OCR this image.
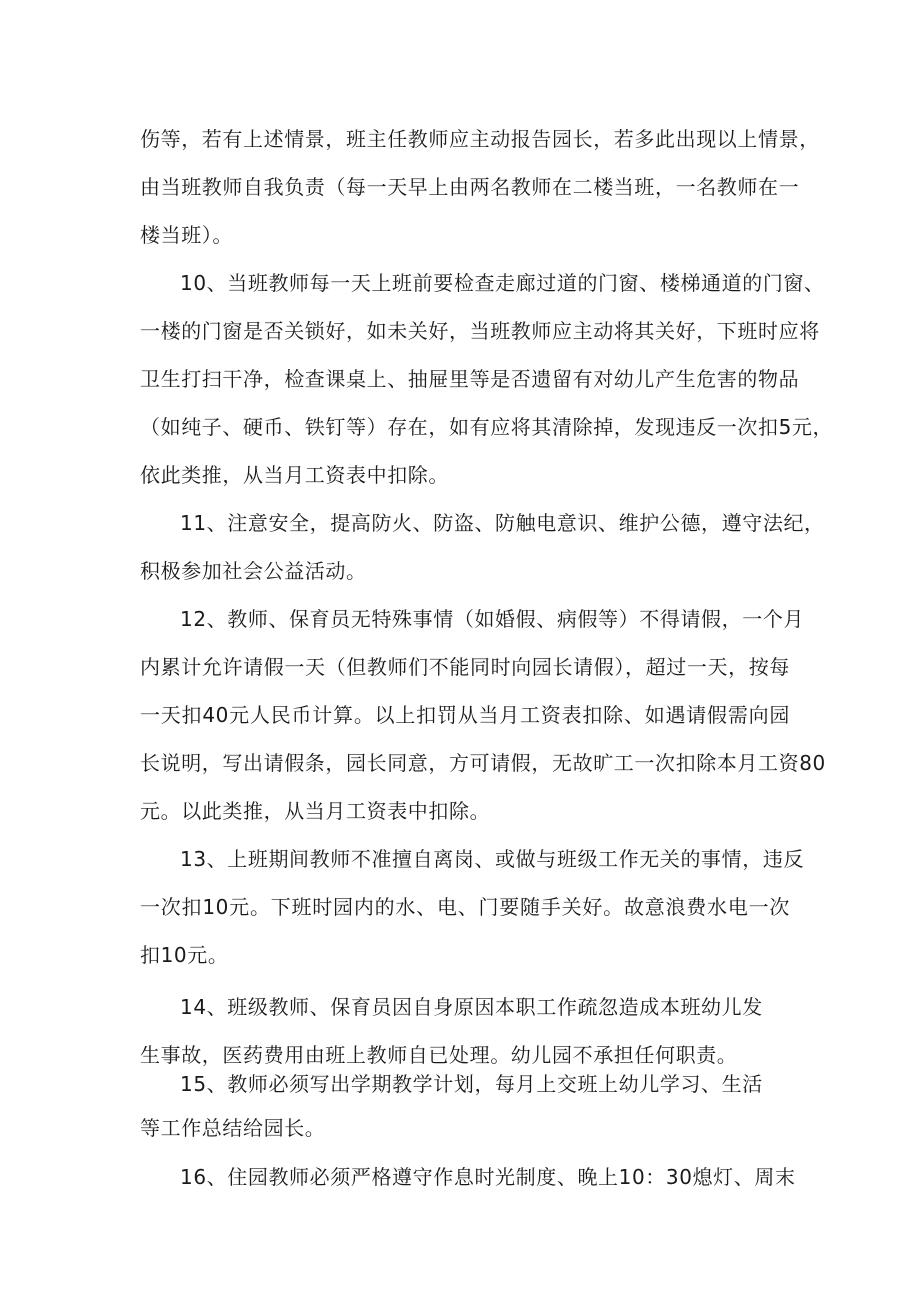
伤等，若有上述情景，班主任教师应主动报告园长，若多此出现以上情景，
由当班教师自我负责（每一天早上由两名教师在二楼当班，一名教师在一
楼当班）。
10、当班教师每一天上班前要检查走廊过道的门窗、楼梯通道的门窗、
一楼的门窗是否关锁好，如未关好，当班教师应主动将其关好，下班时应将
卫生打扫干净，检查课桌上、抽屉里等是否遗留有对幼儿产生危害的物品
（如纯子、硬币、铁钉等）存在，如有应将其清除掉，发现违反一次扣5元，
依此类推，从当月工资表中扣除。
11、注意安全，提高防火、防盗、防触电意识、维护公德，遵守法纪，
积极参加社会公益活动。
12、教师、保育员无特殊事情（如婚假、病假等）不得请假，一个月
内累计允许请假一天（但教师们不能同时向园长请假），超过一天，按每
一天扣40元人民币计算。以上扣罚从当月工资表扣除、如遇请假需向园
长说明，写出请假条，园长同意，方可请假，无故旷工一次扣除本月工资80
元。以此类推，从当月工资表中扣除。
13、上班期间教师不准擅自离岗、或做与班级工作无关的事情，违反
一次扣10元。下班时园内的水、电、门要随手关好。故意浪费水电一次
扣10元。
14、班级教师、保育员因自身原因本职工作疏忽造成本班幼儿发
生事故，医药费用由班上教师自已处理。幼儿园不承担任何职责。
15、教师必须写出学期教学计划，每月上交班上幼儿学习、生活
等工作总结给园长。
16、住园教师必须严格遵守作息时光制度、晚上10：30熄灯、周末
